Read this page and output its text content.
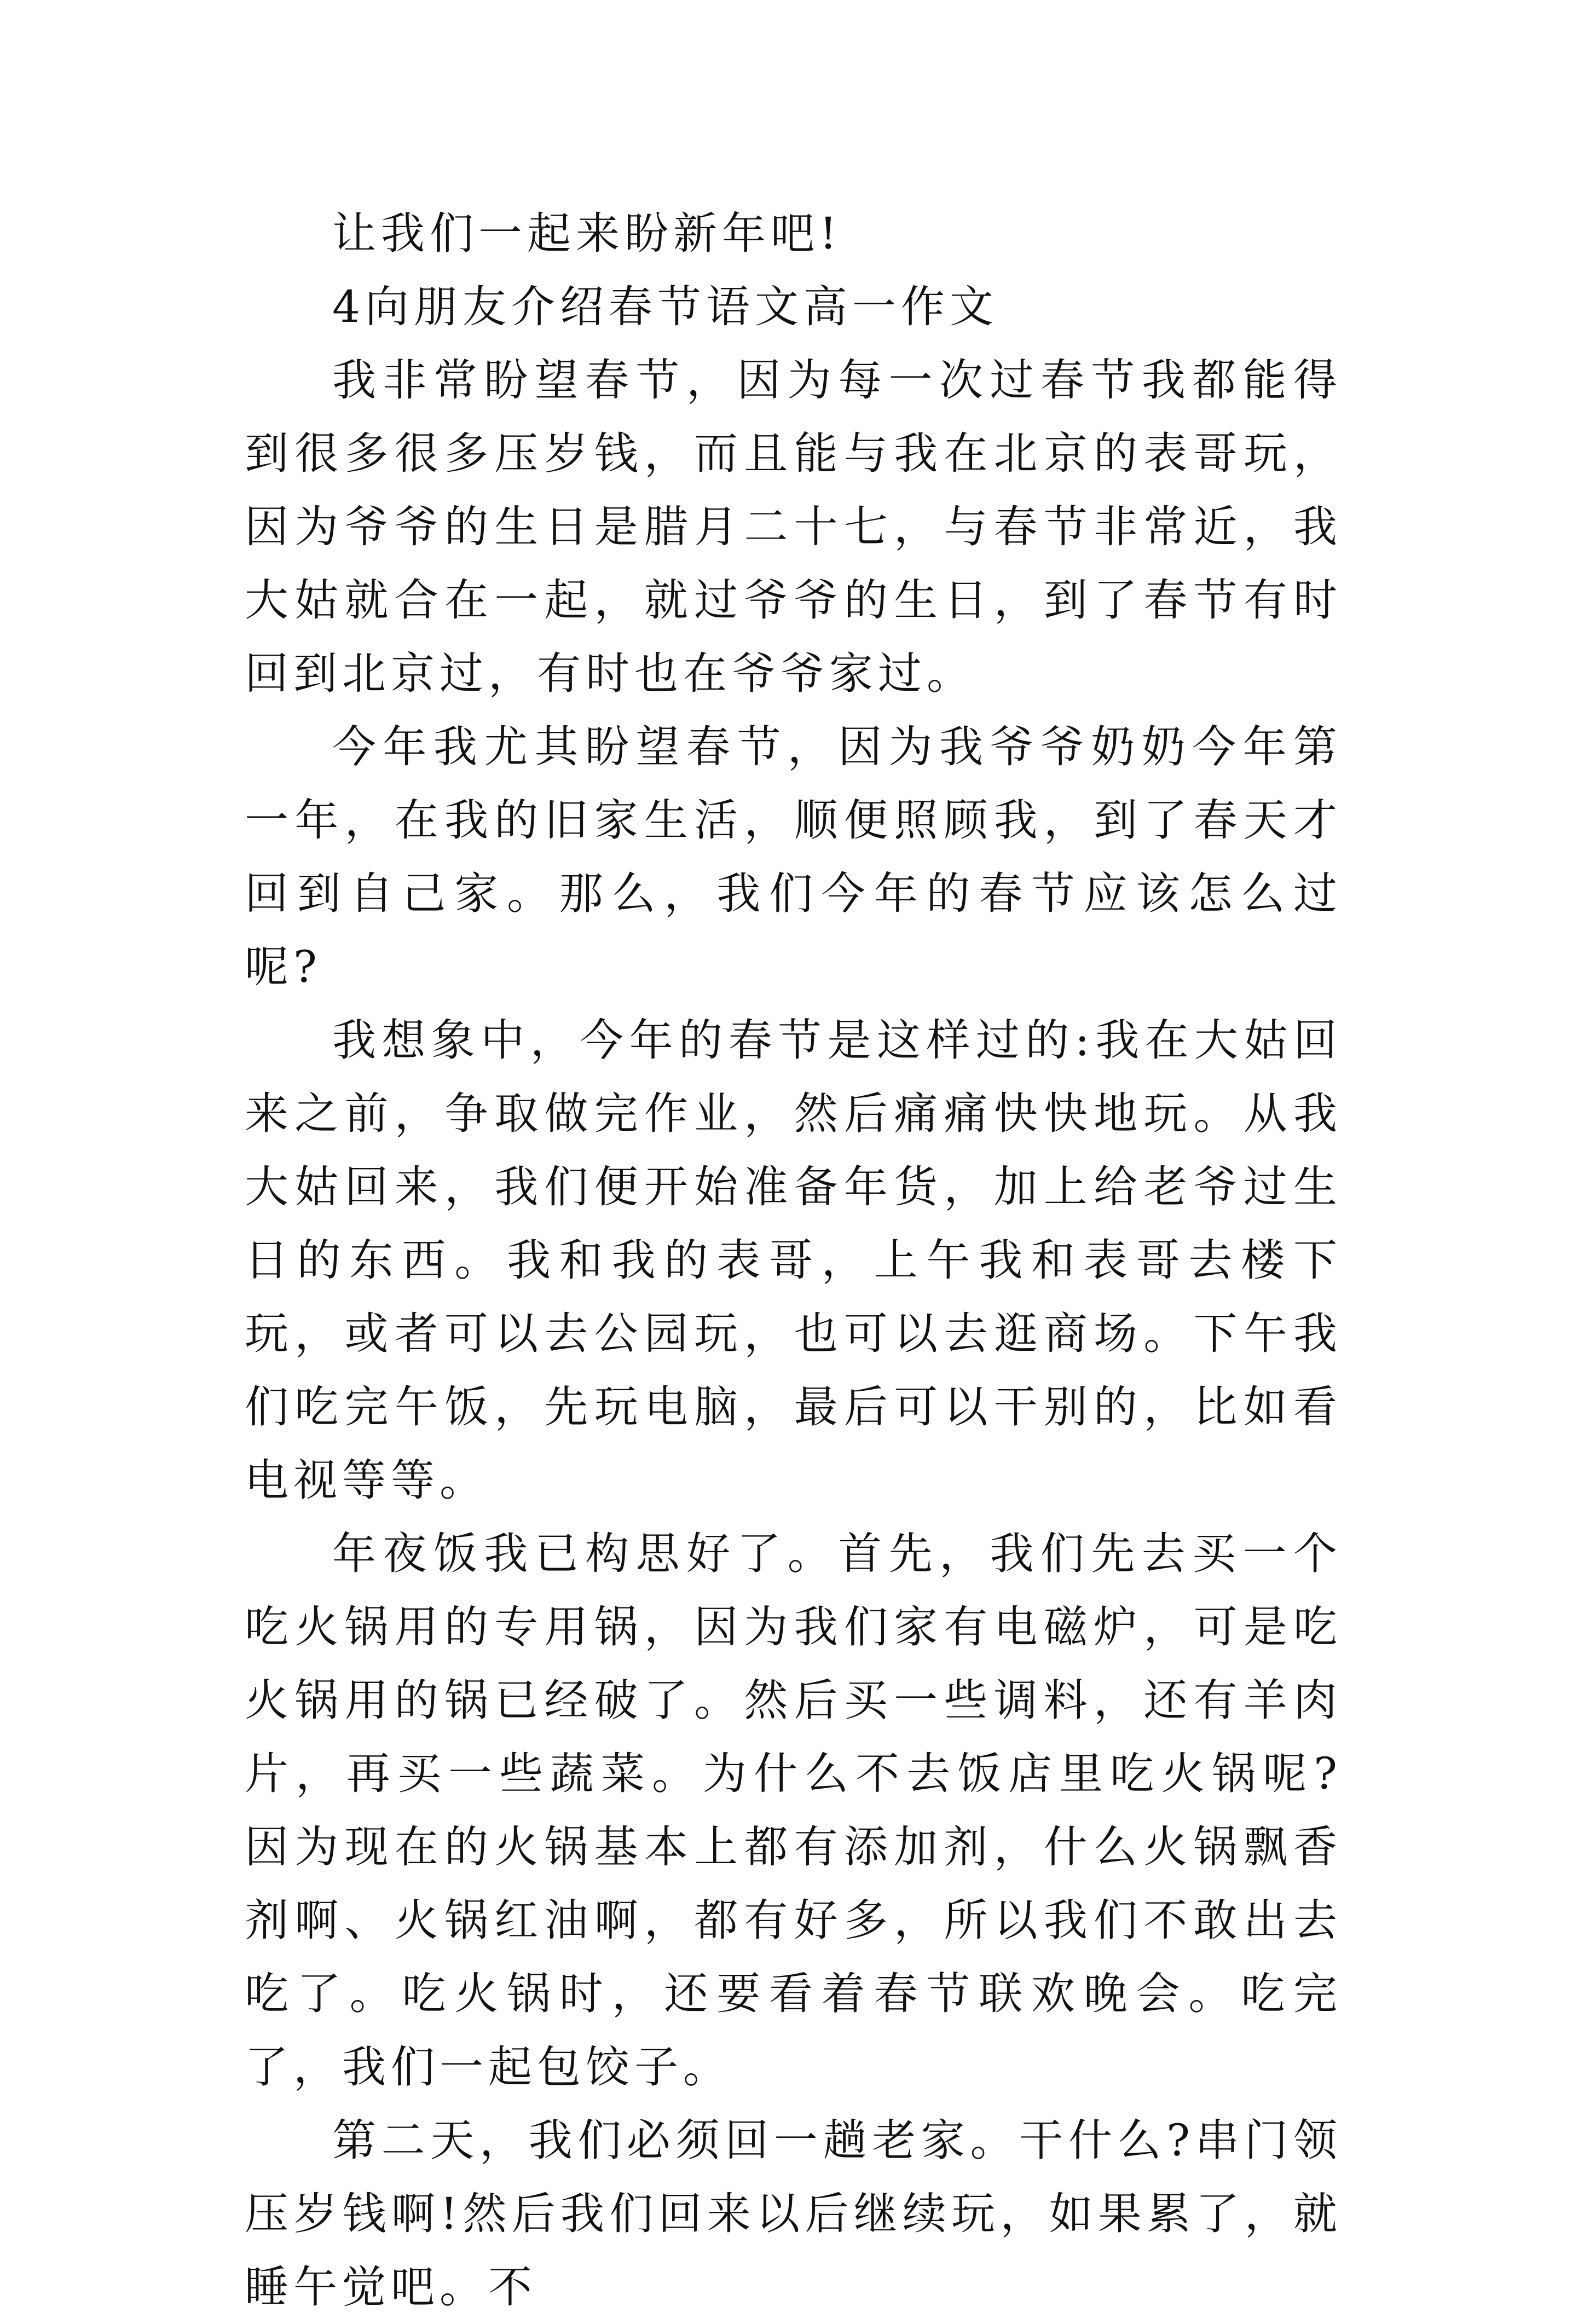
让我们一起来盼新年吧!

4向朋友介绍春节语文高一作文

我非常盼望春节，因为每一次过春节我都能得到很多很多压岁钱，而且能与我在北京的表哥玩，因为爷爷的生日是腊月二十七，与春节非常近，我大姑就合在一起，就过爷爷的生日，到了春节有时回到北京过，有时也在爷爷家过。

今年我尤其盼望春节，因为我爷爷奶奶今年第一年，在我的旧家生活，顺便照顾我，到了春天才回到自己家。那么，我们今年的春节应该怎么过呢?

我想象中，今年的春节是这样过的:我在大姑回来之前，争取做完作业，然后痛痛快快地玩。从我大姑回来，我们便开始准备年货，加上给老爷过生日的东西。我和我的表哥，上午我和表哥去楼下玩，或者可以去公园玩，也可以去逛商场。下午我们吃完午饭，先玩电脑，最后可以干别的，比如看电视等等。

年夜饭我已构思好了。首先，我们先去买一个吃火锅用的专用锅，因为我们家有电磁炉，可是吃火锅用的锅已经破了。然后买一些调料，还有羊肉片，再买一些蔬菜。为什么不去饭店里吃火锅呢?因为现在的火锅基本上都有添加剂，什么火锅飘香剂啊、火锅红油啊，都有好多，所以我们不敢出去吃了。吃火锅时，还要看着春节联欢晚会。吃完了，我们一起包饺子。

第二天，我们必须回一趟老家。干什么?串门领压岁钱啊!然后我们回来以后继续玩，如果累了，就睡午觉吧。不
